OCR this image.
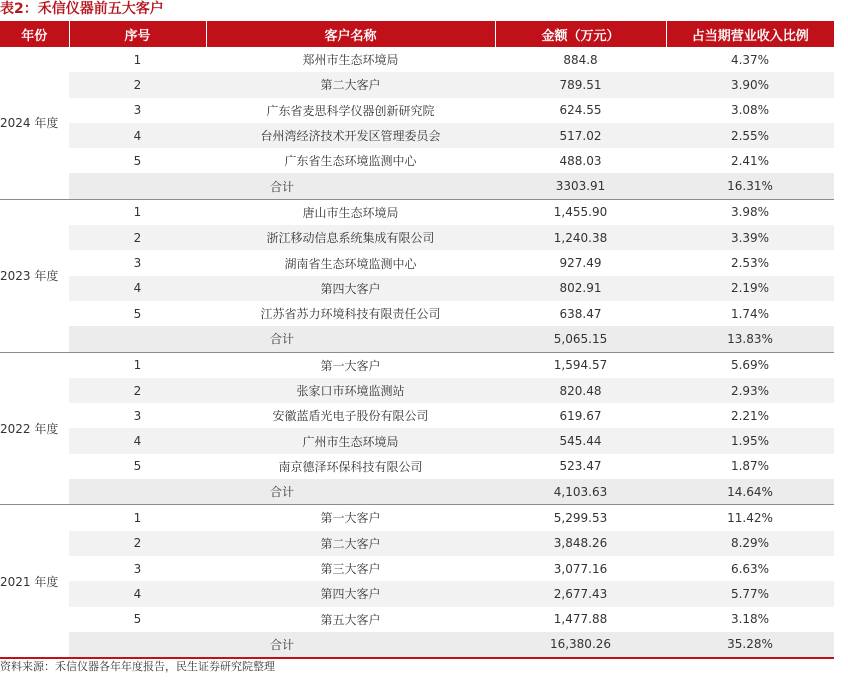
表2：禾信仪器前五大客户
年份	序号	客户名称	金额（万元）	占当期营业收入比例
2024 年度	1	郑州市生态环境局	884.8	4.37%
	2	第二大客户	789.51	3.90%
	3	广东省麦思科学仪器创新研究院	624.55	3.08%
	4	台州湾经济技术开发区管理委员会	517.02	2.55%
	5	广东省生态环境监测中心	488.03	2.41%
	合计		3303.91	16.31%
2023 年度	1	唐山市生态环境局	1,455.90	3.98%
	2	浙江移动信息系统集成有限公司	1,240.38	3.39%
	3	湖南省生态环境监测中心	927.49	2.53%
	4	第四大客户	802.91	2.19%
	5	江苏省苏力环境科技有限责任公司	638.47	1.74%
	合计		5,065.15	13.83%
2022 年度	1	第一大客户	1,594.57	5.69%
	2	张家口市环境监测站	820.48	2.93%
	3	安徽蓝盾光电子股份有限公司	619.67	2.21%
	4	广州市生态环境局	545.44	1.95%
	5	南京德泽环保科技有限公司	523.47	1.87%
	合计		4,103.63	14.64%
2021 年度	1	第一大客户	5,299.53	11.42%
	2	第二大客户	3,848.26	8.29%
	3	第三大客户	3,077.16	6.63%
	4	第四大客户	2,677.43	5.77%
	5	第五大客户	1,477.88	3.18%
	合计		16,380.26	35.28%
资料来源：禾信仪器各年年度报告，民生证券研究院整理
